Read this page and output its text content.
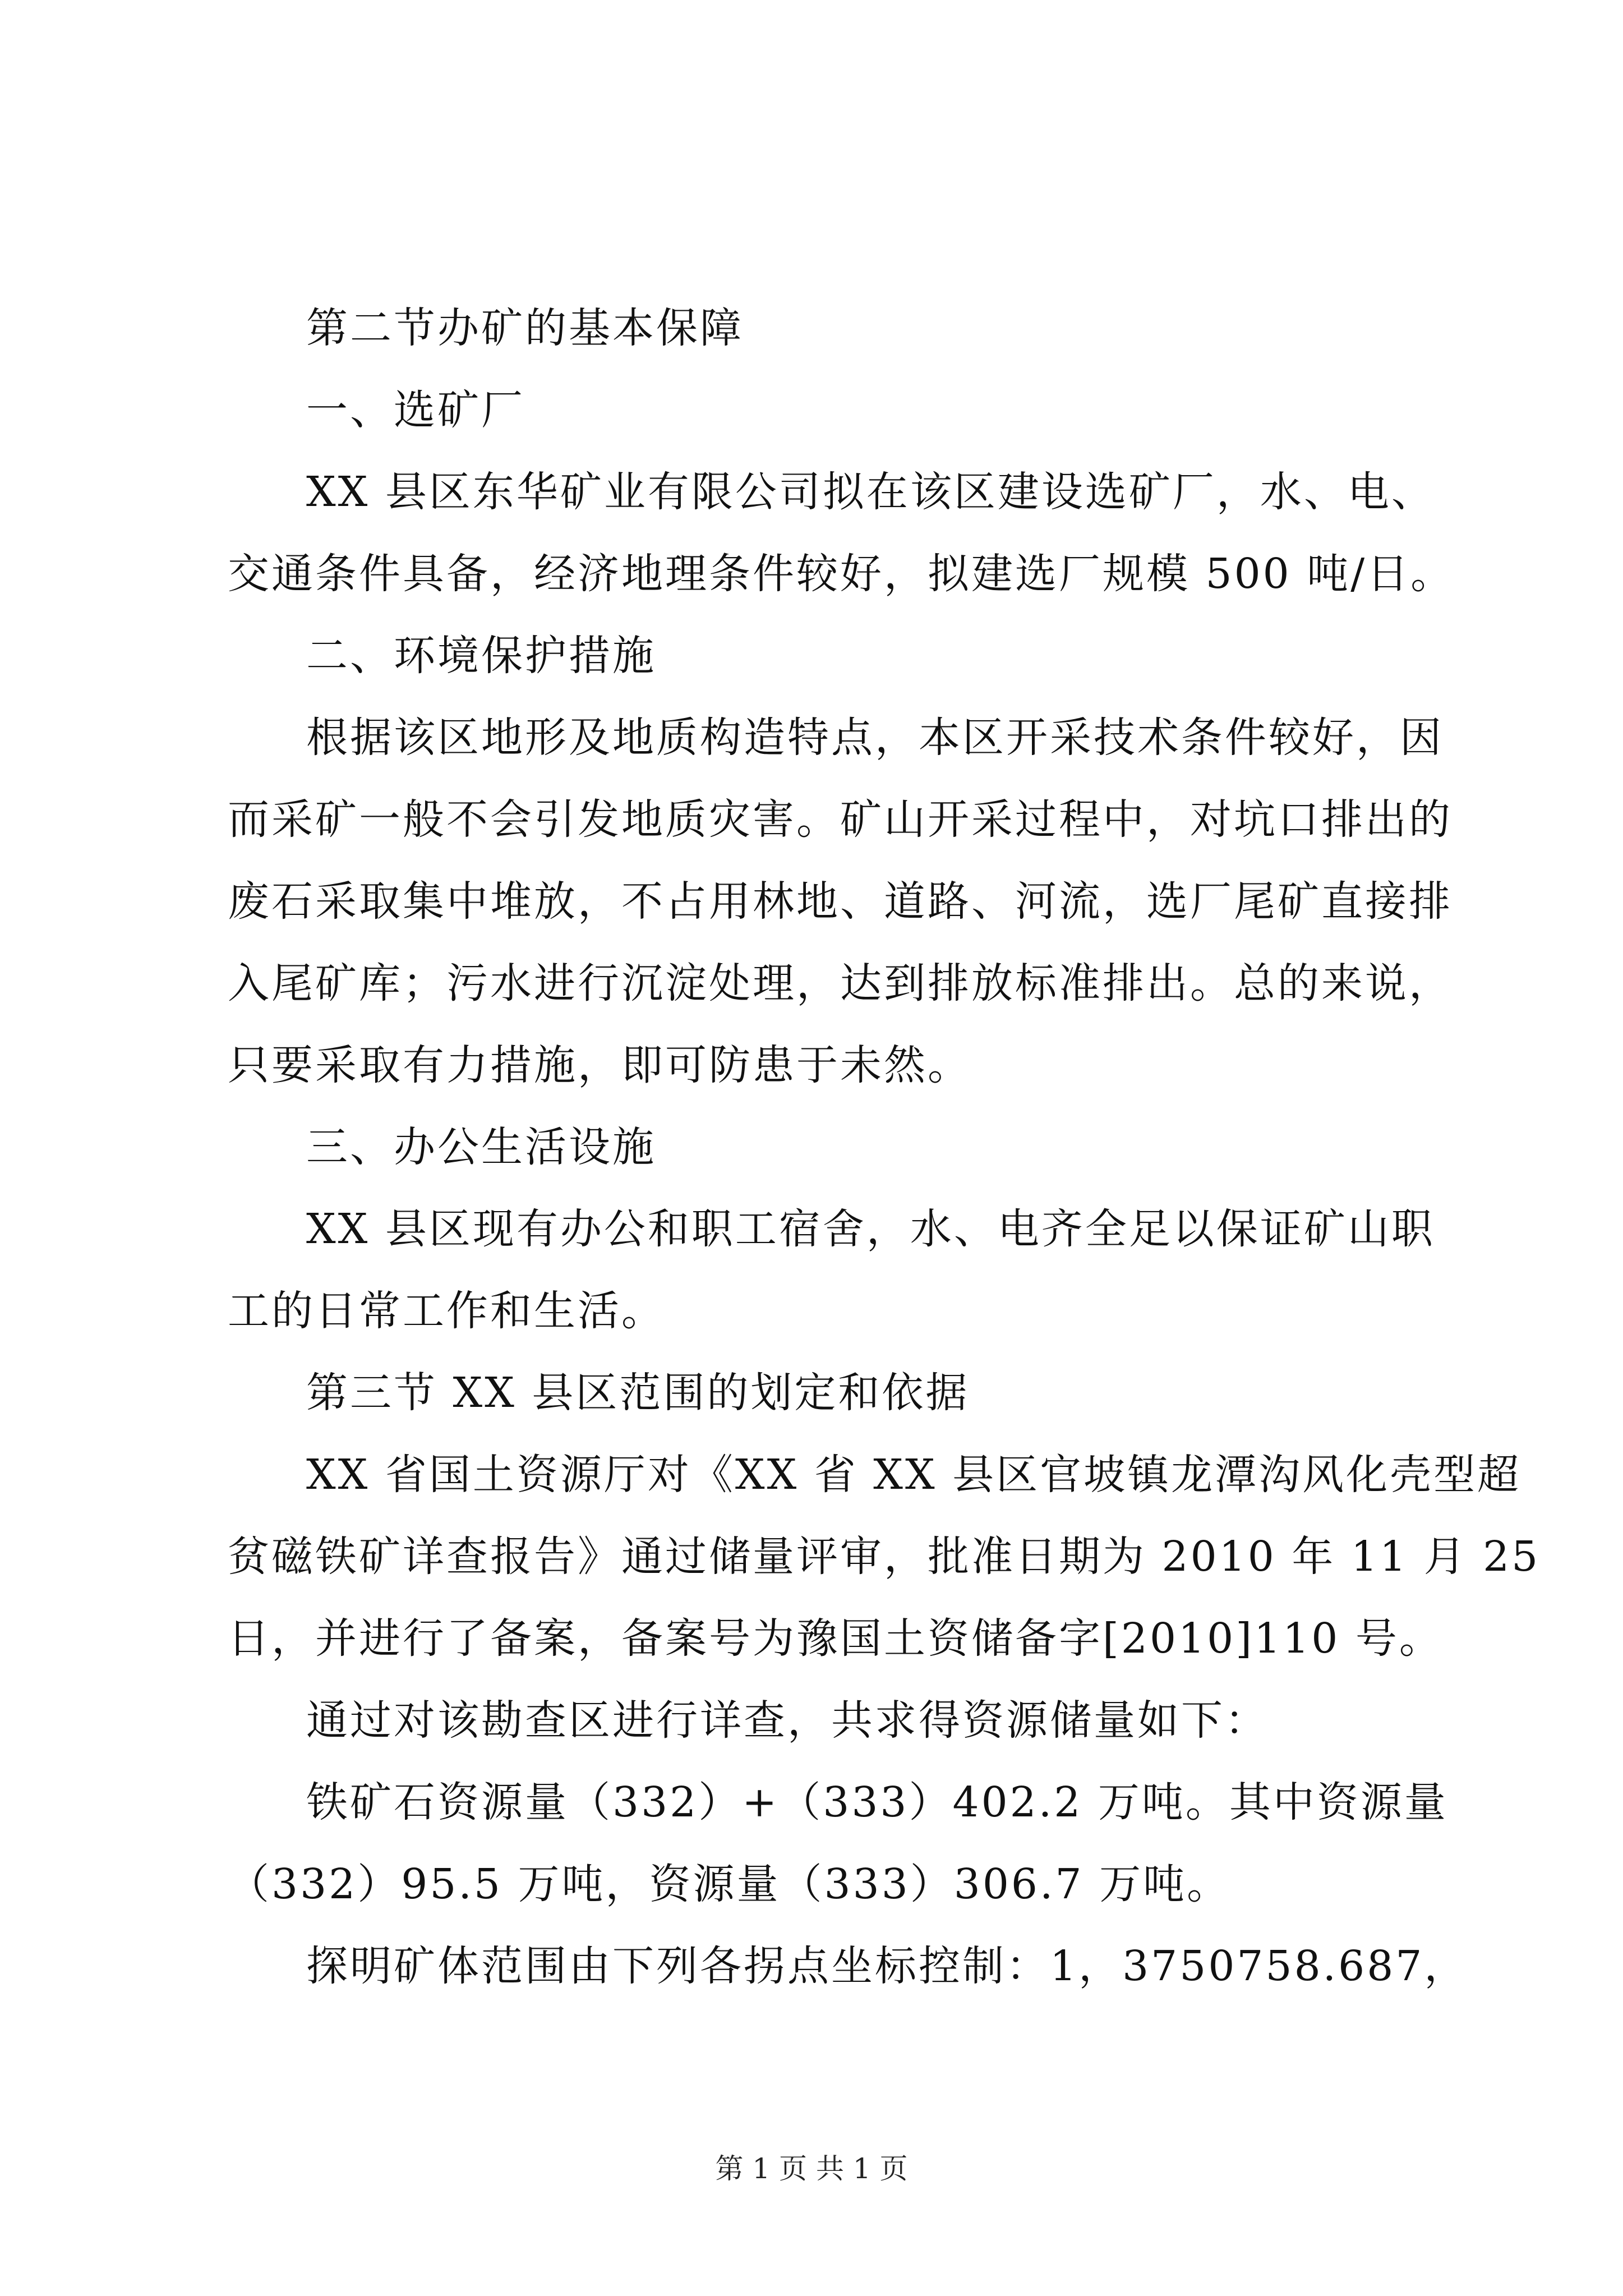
第二节办矿的基本保障
一、选矿厂
XX 县区东华矿业有限公司拟在该区建设选矿厂，水、电、
交通条件具备，经济地理条件较好，拟建选厂规模 500 吨/日。
二、环境保护措施
根据该区地形及地质构造特点，本区开采技术条件较好，因
而采矿一般不会引发地质灾害。矿山开采过程中，对坑口排出的
废石采取集中堆放，不占用林地、道路、河流，选厂尾矿直接排
入尾矿库；污水进行沉淀处理，达到排放标准排出。总的来说，
只要采取有力措施，即可防患于未然。
三、办公生活设施
XX 县区现有办公和职工宿舍，水、电齐全足以保证矿山职
工的日常工作和生活。
第三节 XX 县区范围的划定和依据
XX 省国土资源厅对《XX 省 XX 县区官坡镇龙潭沟风化壳型超
贫磁铁矿详查报告》通过储量评审，批准日期为 2010 年 11 月 25
日，并进行了备案，备案号为豫国土资储备字[2010]110 号。
通过对该勘查区进行详查，共求得资源储量如下：
铁矿石资源量（332）+（333）402.2 万吨。其中资源量
（332）95.5 万吨，资源量（333）306.7 万吨。
探明矿体范围由下列各拐点坐标控制：1，3750758.687，
第 1 页 共 1 页
